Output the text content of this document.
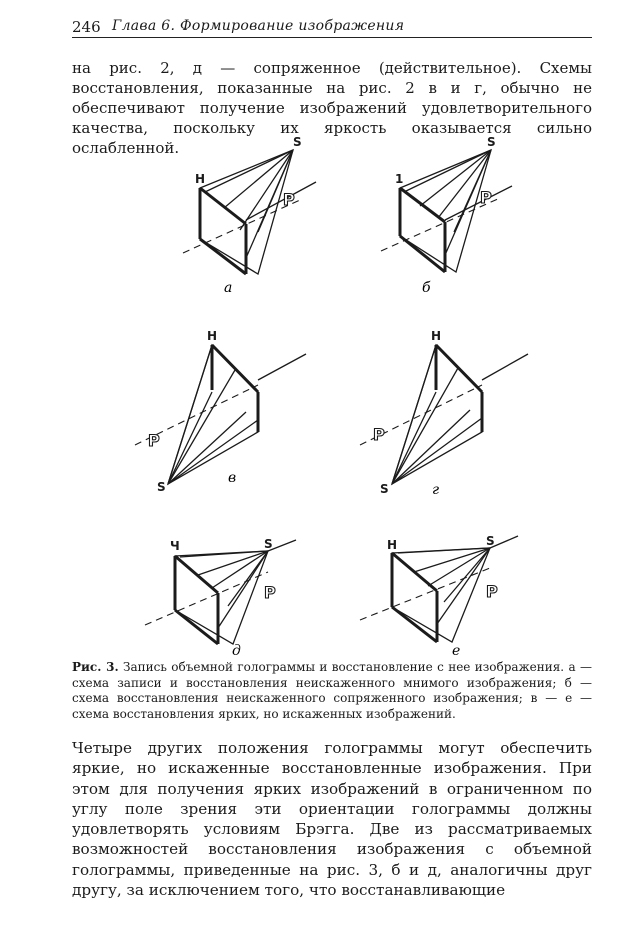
246 Глава 6. Формирование изображения
на рис. 2, д — сопряженное (действительное). Схемы восстановления, показанные на рис. 2 в и г, обычно не обеспечивают получение изображений удовлетворительного качества, поскольку их яркость оказывается сильно ослабленной.
H
S
P
а
1
S
P
б
H
S
P
в
H
S
P
г
Ч	S
P
д
H	S
P
е
Рис. 3. Запись объемной голограммы и восстановление с нее изображения. а — схема записи и восстановления неискаженного мнимого изображения; б — схема восстановления неискаженного сопряженного изображения; в — е — схема восстановления ярких, но искаженных изображений.
Четыре других положения голограммы могут обеспечить яркие, но искаженные восстановленные изображения. При этом для получения ярких изображений в ограниченном по углу поле зрения эти ориентации голограммы должны удовлетворять условиям Брэгга. Две из рассматриваемых возможностей восстановления изображения с объемной голограммы, приведенные на рис. 3, б и д, аналогичны друг другу, за исключением того, что восстанавливающие
